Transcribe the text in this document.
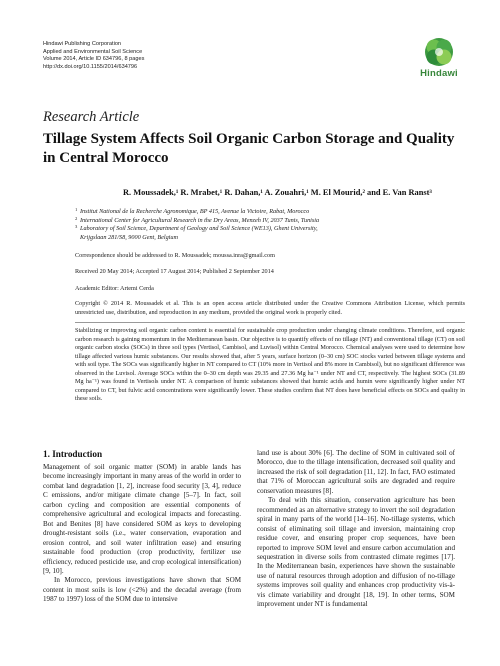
Hindawi Publishing Corporation
Applied and Environmental Soil Science
Volume 2014, Article ID 634796, 8 pages
http://dx.doi.org/10.1155/2014/634796
Hindawi
Research Article
Tillage System Affects Soil Organic Carbon Storage and Quality in Central Morocco
R. Moussadek,¹ R. Mrabet,¹ R. Dahan,¹ A. Zouahri,¹ M. El Mourid,² and E. Van Ranst³
1 Institut National de la Recherche Agronomique, BP 415, Avenue la Victoire, Rabat, Morocco
2 International Center for Agricultural Research in the Dry Areas, Menzeh IV, 2037 Tunis, Tunisia
3 Laboratory of Soil Science, Department of Geology and Soil Science (WE13), Ghent University,
Krijgslaan 281/S8, 9000 Gent, Belgium
Correspondence should be addressed to R. Moussadek; moussa.inra@gmail.com
Received 20 May 2014; Accepted 17 August 2014; Published 2 September 2014
Academic Editor: Artemi Cerda
Copyright © 2014 R. Moussadek et al. This is an open access article distributed under the Creative Commons Attribution License, which permits unrestricted use, distribution, and reproduction in any medium, provided the original work is properly cited.
Stabilizing or improving soil organic carbon content is essential for sustainable crop production under changing climate conditions. Therefore, soil organic carbon research is gaining momentum in the Mediterranean basin. Our objective is to quantify effects of no tillage (NT) and conventional tillage (CT) on soil organic carbon stocks (SOCs) in three soil types (Vertisol, Cambisol, and Luvisol) within Central Morocco. Chemical analyses were used to determine how tillage affected various humic substances. Our results showed that, after 5 years, surface horizon (0–30 cm) SOC stocks varied between tillage systems and with soil type. The SOCs was significantly higher in NT compared to CT (10% more in Vertisol and 8% more in Cambisol), but no significant difference was observed in the Luvisol. Average SOCs within the 0–30 cm depth was 29.35 and 27.36 Mg ha⁻¹ under NT and CT, respectively. The highest SOCs (31.89 Mg ha⁻¹) was found in Vertisols under NT. A comparison of humic substances showed that humic acids and humin were significantly higher under NT compared to CT, but fulvic acid concentrations were significantly lower. These studies confirm that NT does have beneficial effects on SOCs and quality in these soils.
1. Introduction

Management of soil organic matter (SOM) in arable lands has become increasingly important in many areas of the world in order to combat land degradation [1, 2], increase food security [3, 4], reduce C emissions, and/or mitigate climate change [5–7]. In fact, soil carbon cycling and composition are essential components of comprehensive agricultural and ecological impacts and forecasting. Bot and Benites [8] have considered SOM as keys to developing drought-resistant soils (i.e., water conservation, evaporation and erosion control, and soil water infiltration ease) and ensuring sustainable food production (crop productivity, fertilizer use efficiency, reduced pesticide use, and crop ecological intensification) [9, 10].

In Morocco, previous investigations have shown that SOM content in most soils is low (<2%) and the decadal average (from 1987 to 1997) loss of the SOM due to intensive

land use is about 30% [6]. The decline of SOM in cultivated soil of Morocco, due to the tillage intensification, decreased soil quality and increased the risk of soil degradation [11, 12]. In fact, FAO estimated that 71% of Moroccan agricultural soils are degraded and require conservation measures [8].

To deal with this situation, conservation agriculture has been recommended as an alternative strategy to invert the soil degradation spiral in many parts of the world [14–16]. No-tillage systems, which consist of eliminating soil tillage and inversion, maintaining crop residue cover, and ensuring proper crop sequences, have been reported to improve SOM level and ensure carbon accumulation and sequestration in diverse soils from contrasted climate regimes [17]. In the Mediterranean basin, experiences have shown the sustainable use of natural resources through adoption and diffusion of no-tillage systems improves soil quality and enhances crop productivity vis-à-vis climate variability and drought [18, 19]. In other terms, SOM improvement under NT is fundamental
